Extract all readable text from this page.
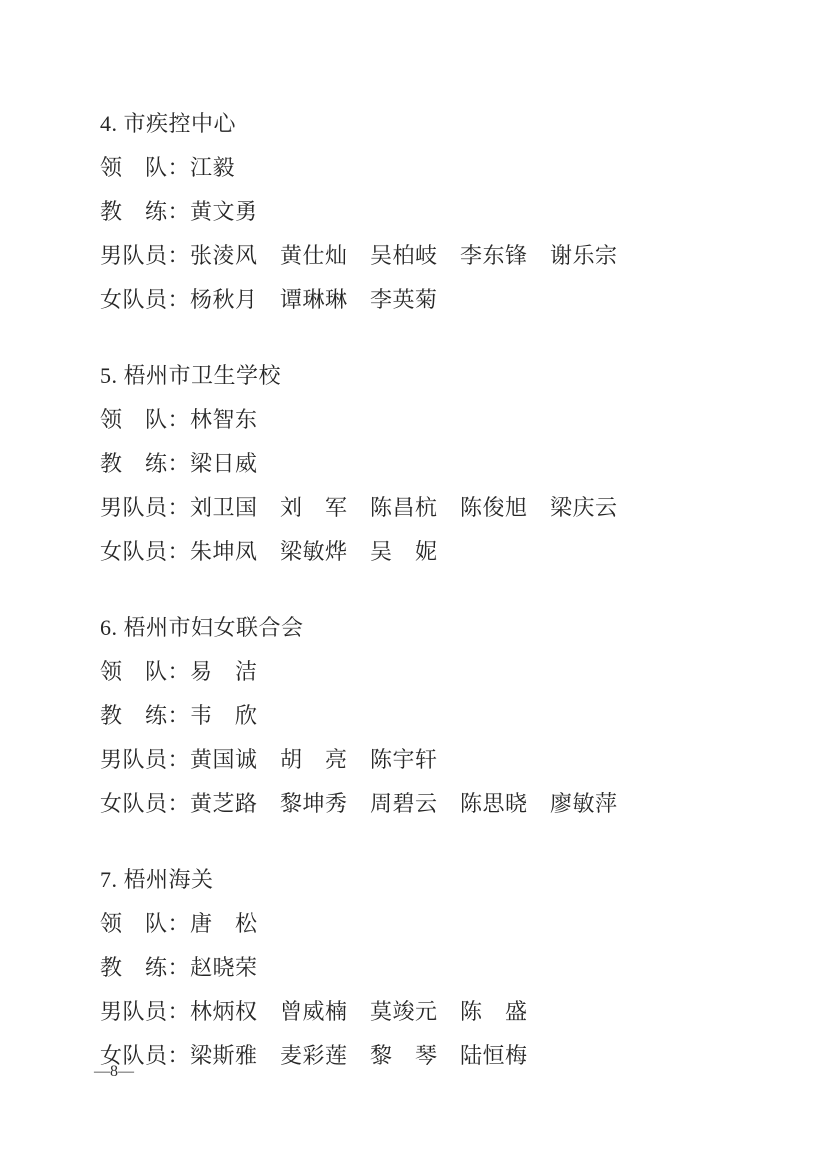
4. 市疾控中心

领　队：江毅

教　练：黄文勇

男队员：张淩风　黄仕灿　吴柏岐　李东锋　谢乐宗

女队员：杨秋月　谭琳琳　李英菊

5. 梧州市卫生学校

领　队：林智东

教　练：梁日威

男队员：刘卫国　刘　军　陈昌杭　陈俊旭　梁庆云

女队员：朱坤凤　梁敏烨　吴　妮

6. 梧州市妇女联合会

领　队：易　洁

教　练：韦　欣

男队员：黄国诚　胡　亮　陈宇轩

女队员：黄芝路　黎坤秀　周碧云　陈思晓　廖敏萍

7. 梧州海关

领　队：唐　松

教　练：赵晓荣

男队员：林炳权　曾威楠　莫竣元　陈　盛

女队员：梁斯雅　麦彩莲　黎　琴　陆恒梅

—8—
